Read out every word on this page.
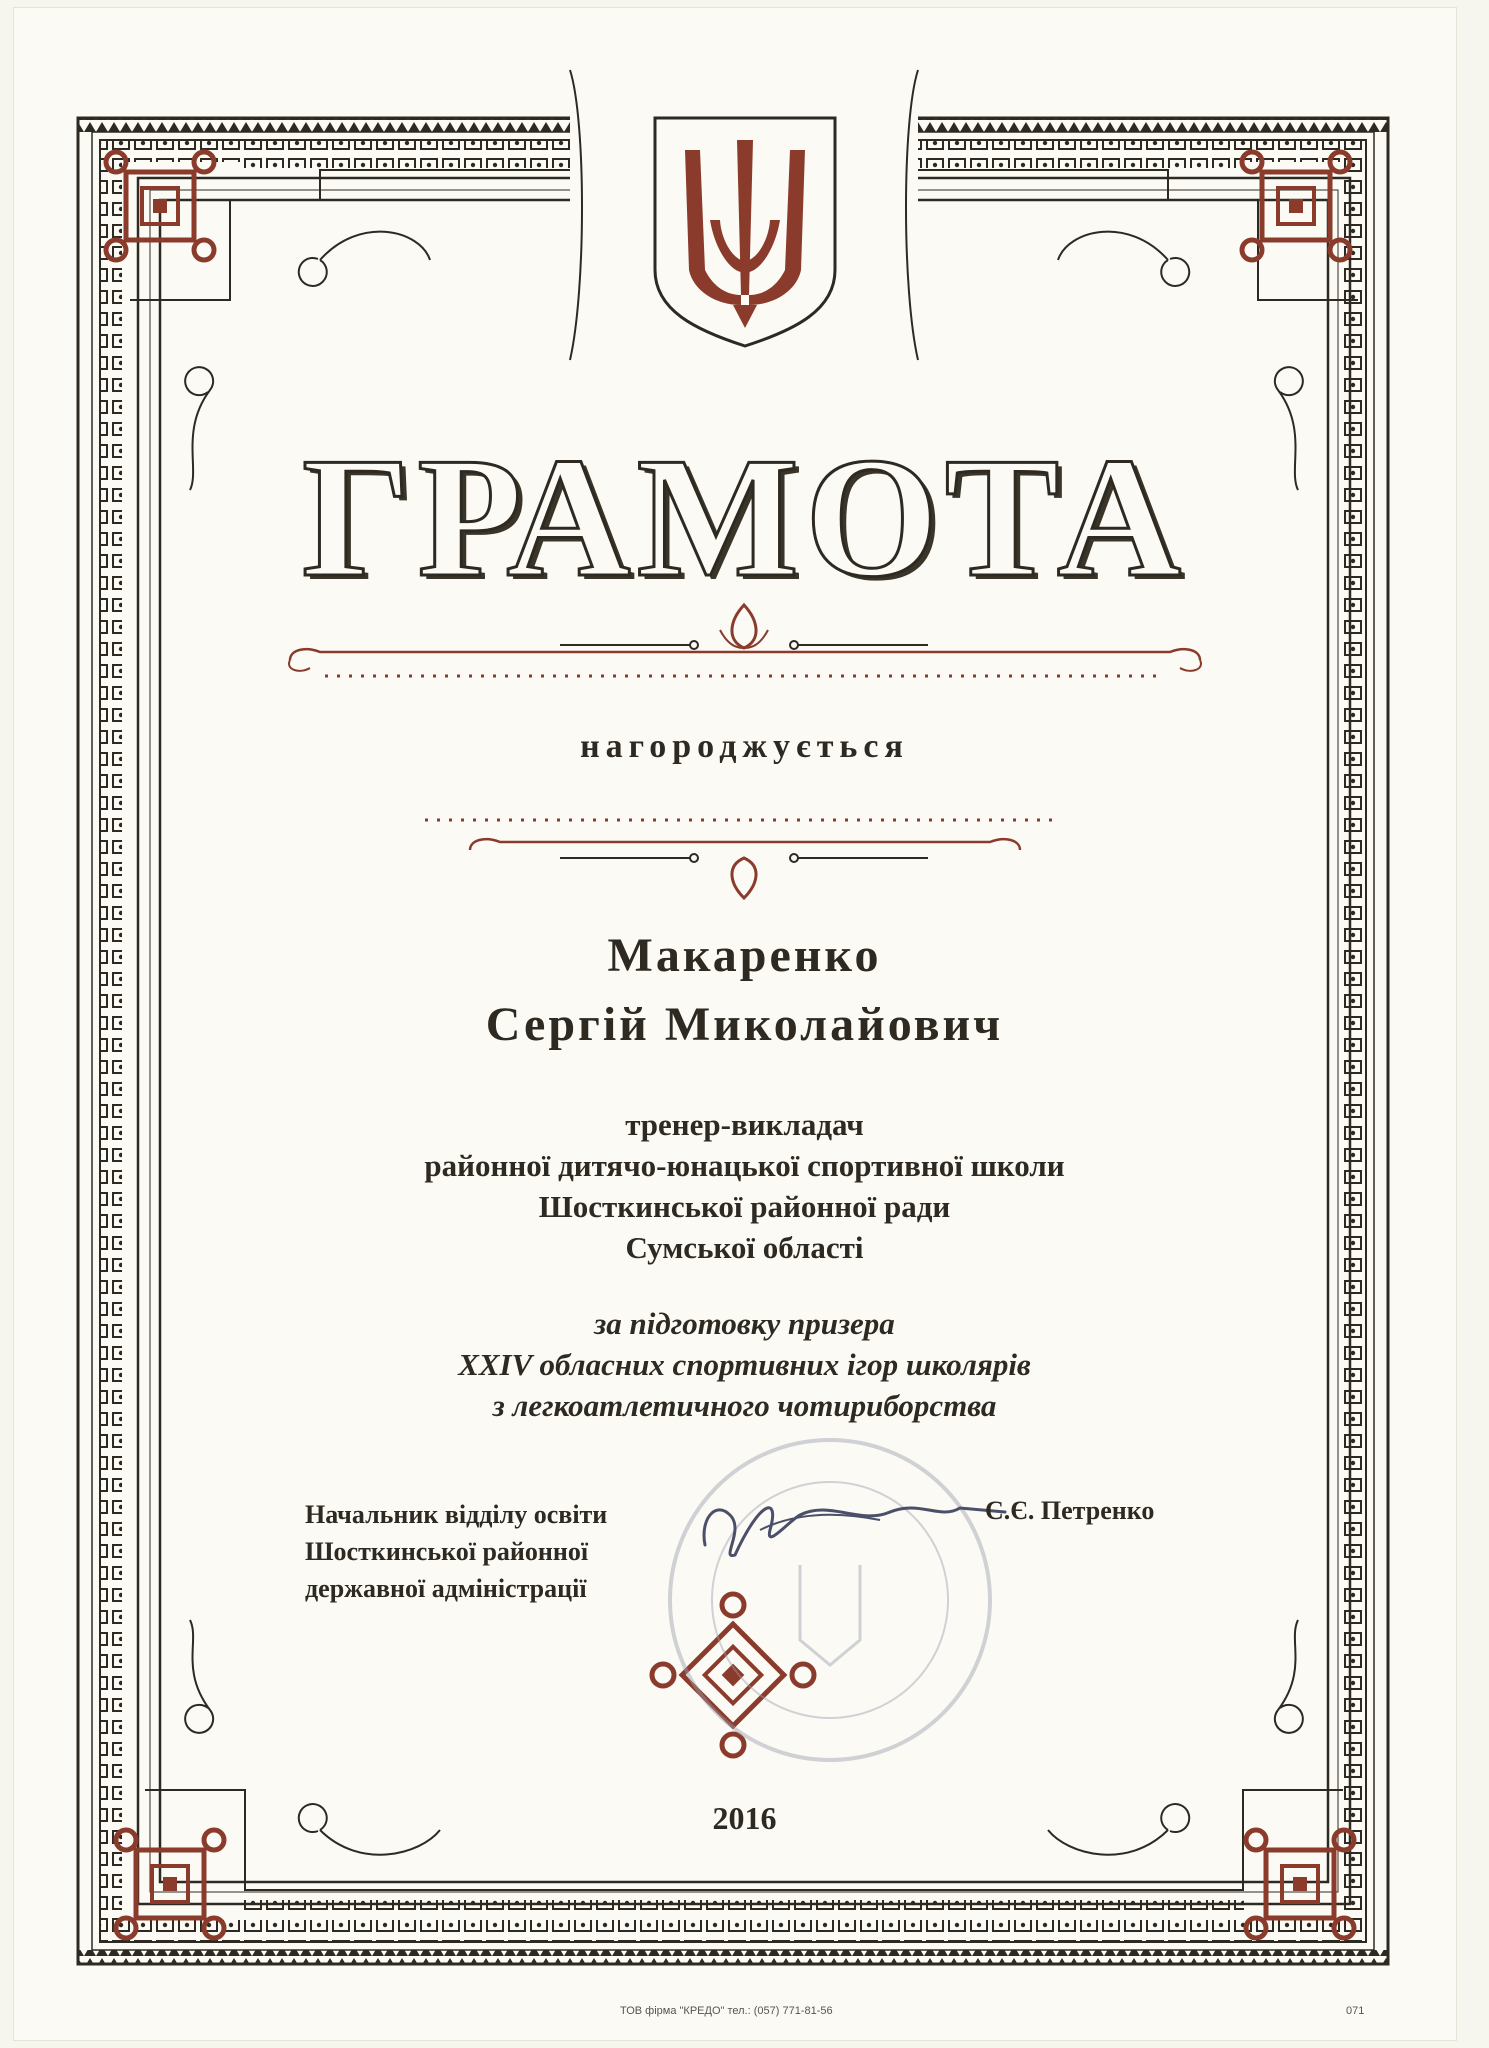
ГРАМОТА
нагороджується
Макаренко
Сергій Миколайович
тренер-викладач
районної дитячо-юнацької спортивної школи
Шосткинської районної ради
Сумської області
за підготовку призера
XXIV обласних спортивних ігор школярів
з легкоатлетичного чотириборства
Начальник відділу освіти
Шосткинської районної
державної адміністрації
С.Є. Петренко
2016
ТОВ фірма "КРЕДО" тел.: (057) 771-81-56	071
